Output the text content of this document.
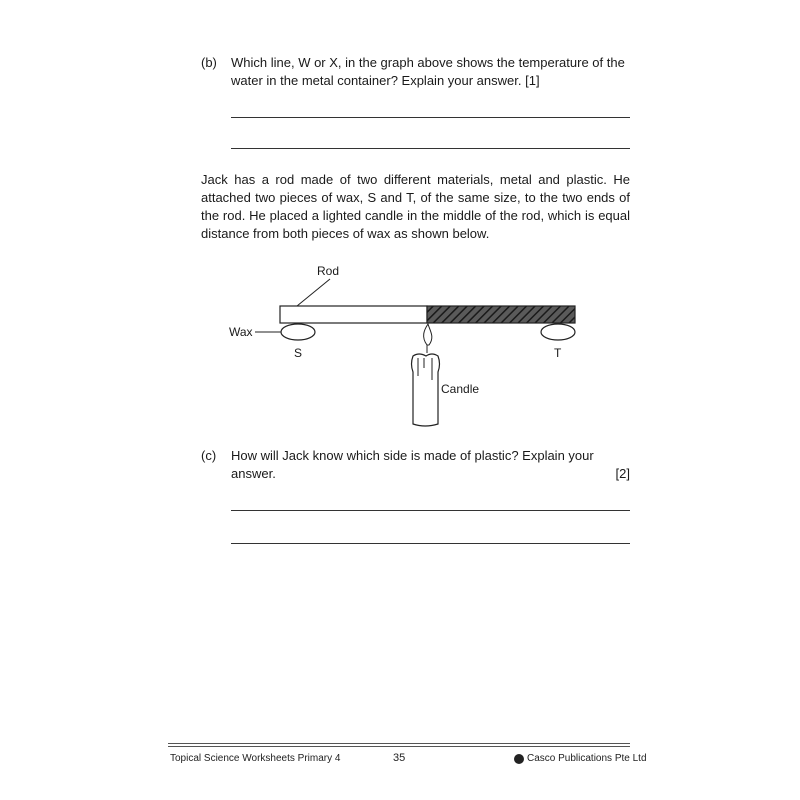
(b) Which line, W or X, in the graph above shows the temperature of the water in the metal container? Explain your answer. [1]
Jack has a rod made of two different materials, metal and plastic. He attached two pieces of wax, S and T, of the same size, to the two ends of the rod. He placed a lighted candle in the middle of the rod, which is equal distance from both pieces of wax as shown below.
Rod
Wax
S	T
Candle
(c) How will Jack know which side is made of plastic? Explain your answer.	[2]
Topical Science Worksheets Primary 4	35	Casco Publications Pte Ltd
